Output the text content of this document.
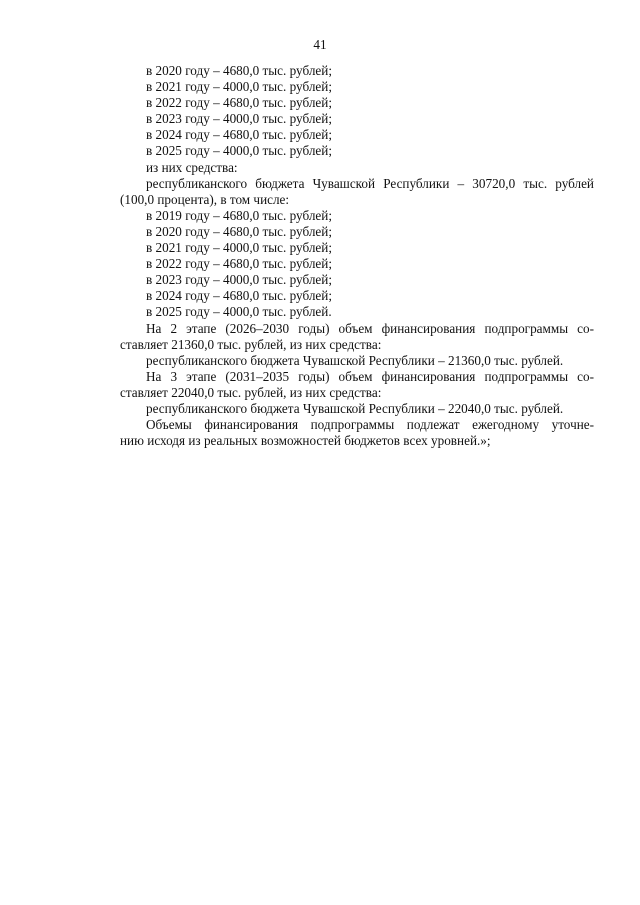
41
в 2020 году – 4680,0 тыс. рублей;
в 2021 году – 4000,0 тыс. рублей;
в 2022 году – 4680,0 тыс. рублей;
в 2023 году – 4000,0 тыс. рублей;
в 2024 году – 4680,0 тыс. рублей;
в 2025 году – 4000,0 тыс. рублей;
из них средства:
республиканского бюджета Чувашской Республики – 30720,0 тыс. рублей
(100,0 процента), в том числе:
в 2019 году – 4680,0 тыс. рублей;
в 2020 году – 4680,0 тыс. рублей;
в 2021 году – 4000,0 тыс. рублей;
в 2022 году – 4680,0 тыс. рублей;
в 2023 году – 4000,0 тыс. рублей;
в 2024 году – 4680,0 тыс. рублей;
в 2025 году – 4000,0 тыс. рублей.
На 2 этапе (2026–2030 годы) объем финансирования подпрограммы со-
ставляет 21360,0 тыс. рублей, из них средства:
республиканского бюджета Чувашской Республики – 21360,0 тыс. рублей.
На 3 этапе (2031–2035 годы) объем финансирования подпрограммы со-
ставляет 22040,0 тыс. рублей, из них средства:
республиканского бюджета Чувашской Республики – 22040,0 тыс. рублей.
Объемы финансирования подпрограммы подлежат ежегодному уточне-
нию исходя из реальных возможностей бюджетов всех уровней.»;
